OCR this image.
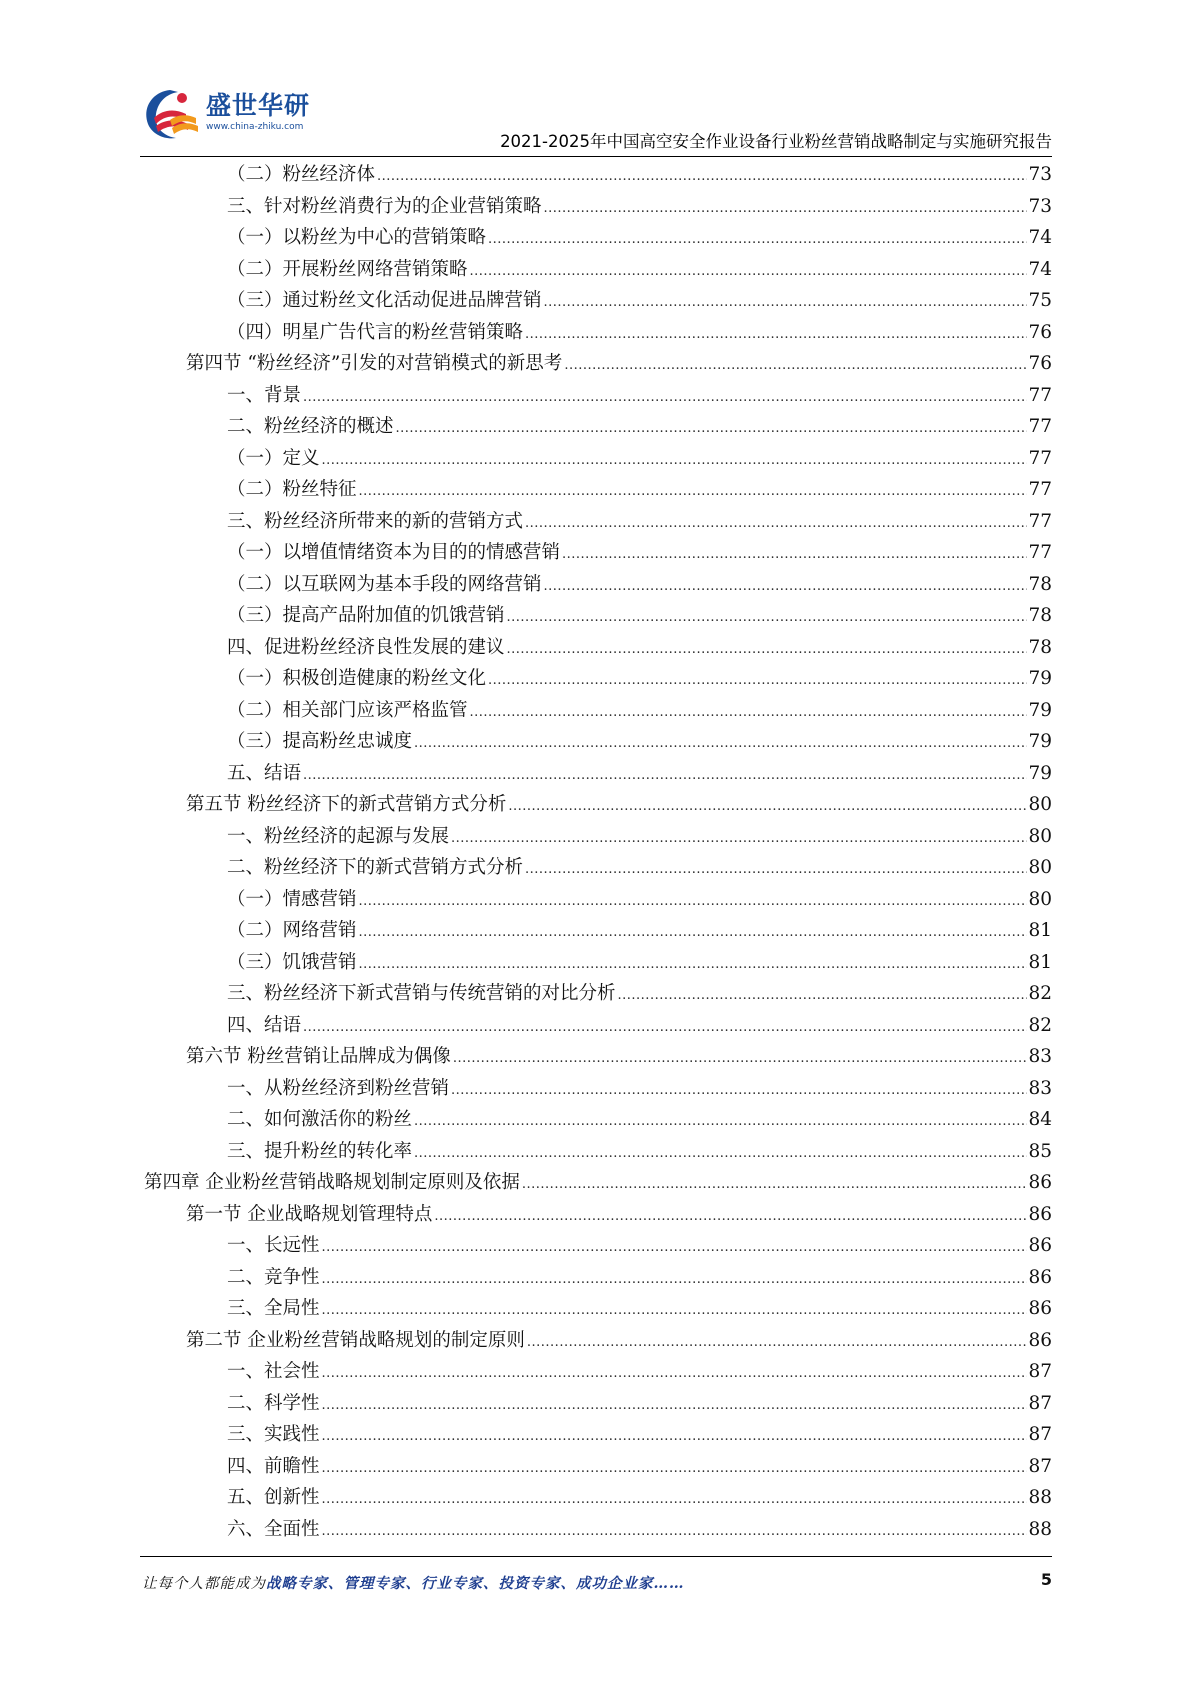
盛世华研
www.china-zhiku.com
2021-2025年中国高空安全作业设备行业粉丝营销战略制定与实施研究报告
（二）粉丝经济体 .....	73
三、针对粉丝消费行为的企业营销策略 .....	73
（一）以粉丝为中心的营销策略 .....	74
（二）开展粉丝网络营销策略 .....	74
（三）通过粉丝文化活动促进品牌营销 .....	75
（四）明星广告代言的粉丝营销策略 .....	76
第四节 “粉丝经济”引发的对营销模式的新思考 .....	76
一、背景 .....	77
二、粉丝经济的概述 .....	77
（一）定义 .....	77
（二）粉丝特征 .....	77
三、粉丝经济所带来的新的营销方式 .....	77
（一）以增值情绪资本为目的的情感营销 .....	77
（二）以互联网为基本手段的网络营销 .....	78
（三）提高产品附加值的饥饿营销 .....	78
四、促进粉丝经济良性发展的建议 .....	78
（一）积极创造健康的粉丝文化 .....	79
（二）相关部门应该严格监管 .....	79
（三）提高粉丝忠诚度 .....	79
五、结语 .....	79
第五节 粉丝经济下的新式营销方式分析 .....	80
一、粉丝经济的起源与发展 .....	80
二、粉丝经济下的新式营销方式分析 .....	80
（一）情感营销 .....	80
（二）网络营销 .....	81
（三）饥饿营销 .....	81
三、粉丝经济下新式营销与传统营销的对比分析 .....	82
四、结语 .....	82
第六节 粉丝营销让品牌成为偶像 .....	83
一、从粉丝经济到粉丝营销 .....	83
二、如何激活你的粉丝 .....	84
三、提升粉丝的转化率 .....	85
第四章 企业粉丝营销战略规划制定原则及依据 .....	86
第一节 企业战略规划管理特点 .....	86
一、长远性 .....	86
二、竞争性 .....	86
三、全局性 .....	86
第二节 企业粉丝营销战略规划的制定原则 .....	86
一、社会性 .....	87
二、科学性 .....	87
三、实践性 .....	87
四、前瞻性 .....	87
五、创新性 .....	88
六、全面性 .....	88
让每个人都能成为战略专家、管理专家、行业专家、投资专家、成功企业家……	5
